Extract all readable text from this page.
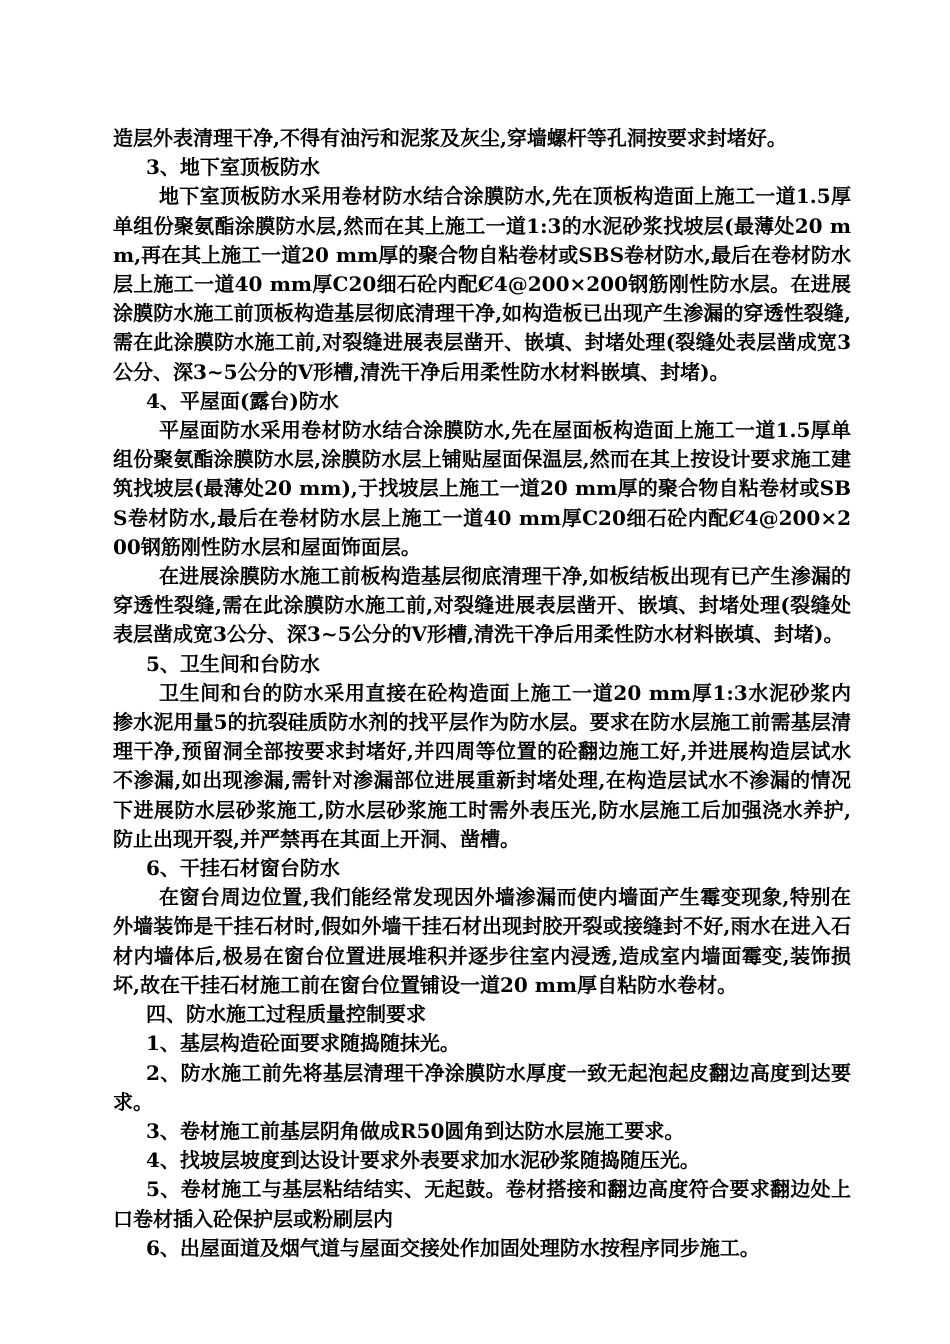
造层外表清理干净,不得有油污和泥浆及灰尘,穿墙螺杆等孔洞按要求封堵好。

3、地下室顶板防水

地下室顶板防水采用卷材防水结合涂膜防水,先在顶板构造面上施工一道1.5厚单组份聚氨酯涂膜防水层,然而在其上施工一道1:3的水泥砂浆找坡层(最薄处20 mm,再在其上施工一道20 mm厚的聚合物自粘卷材或SBS卷材防水,最后在卷材防水层上施工一道40 mm厚C20细石砼内配Ȼ4@200×200钢筋刚性防水层。在进展涂膜防水施工前顶板构造基层彻底清理干净,如构造板已出现产生渗漏的穿透性裂缝,需在此涂膜防水施工前,对裂缝进展表层凿开、嵌填、封堵处理(裂缝处表层凿成宽3公分、深3~5公分的V形槽,清洗干净后用柔性防水材料嵌填、封堵)。

4、平屋面(露台)防水

平屋面防水采用卷材防水结合涂膜防水,先在屋面板构造面上施工一道1.5厚单组份聚氨酯涂膜防水层,涂膜防水层上铺贴屋面保温层,然而在其上按设计要求施工建筑找坡层(最薄处20 mm),于找坡层上施工一道20 mm厚的聚合物自粘卷材或SBS卷材防水,最后在卷材防水层上施工一道40 mm厚C20细石砼内配Ȼ4@200×200钢筋刚性防水层和屋面饰面层。

在进展涂膜防水施工前板构造基层彻底清理干净,如板结板出现有已产生渗漏的穿透性裂缝,需在此涂膜防水施工前,对裂缝进展表层凿开、嵌填、封堵处理(裂缝处表层凿成宽3公分、深3~5公分的V形槽,清洗干净后用柔性防水材料嵌填、封堵)。

5、卫生间和台防水

卫生间和台的防水采用直接在砼构造面上施工一道20 mm厚1:3水泥砂浆内掺水泥用量5的抗裂硅质防水剂的找平层作为防水层。要求在防水层施工前需基层清理干净,预留洞全部按要求封堵好,并四周等位置的砼翻边施工好,并进展构造层试水不渗漏,如出现渗漏,需针对渗漏部位进展重新封堵处理,在构造层试水不渗漏的情况下进展防水层砂浆施工,防水层砂浆施工时需外表压光,防水层施工后加强浇水养护,防止出现开裂,并严禁再在其面上开洞、凿槽。

6、干挂石材窗台防水

在窗台周边位置,我们能经常发现因外墙渗漏而使内墙面产生霉变现象,特别在外墙装饰是干挂石材时,假如外墙干挂石材出现封胶开裂或接缝封不好,雨水在进入石材内墙体后,极易在窗台位置进展堆积并逐步往室内浸透,造成室内墙面霉变,装饰损坏,故在干挂石材施工前在窗台位置铺设一道20 mm厚自粘防水卷材。

四、防水施工过程质量控制要求

1、基层构造砼面要求随捣随抹光。

2、防水施工前先将基层清理干净涂膜防水厚度一致无起泡起皮翻边高度到达要求。

3、卷材施工前基层阴角做成R50圆角到达防水层施工要求。

4、找坡层坡度到达设计要求外表要求加水泥砂浆随捣随压光。

5、卷材施工与基层粘结结实、无起鼓。卷材搭接和翻边高度符合要求翻边处上口卷材插入砼保护层或粉刷层内

6、出屋面道及烟气道与屋面交接处作加固处理防水按程序同步施工。
